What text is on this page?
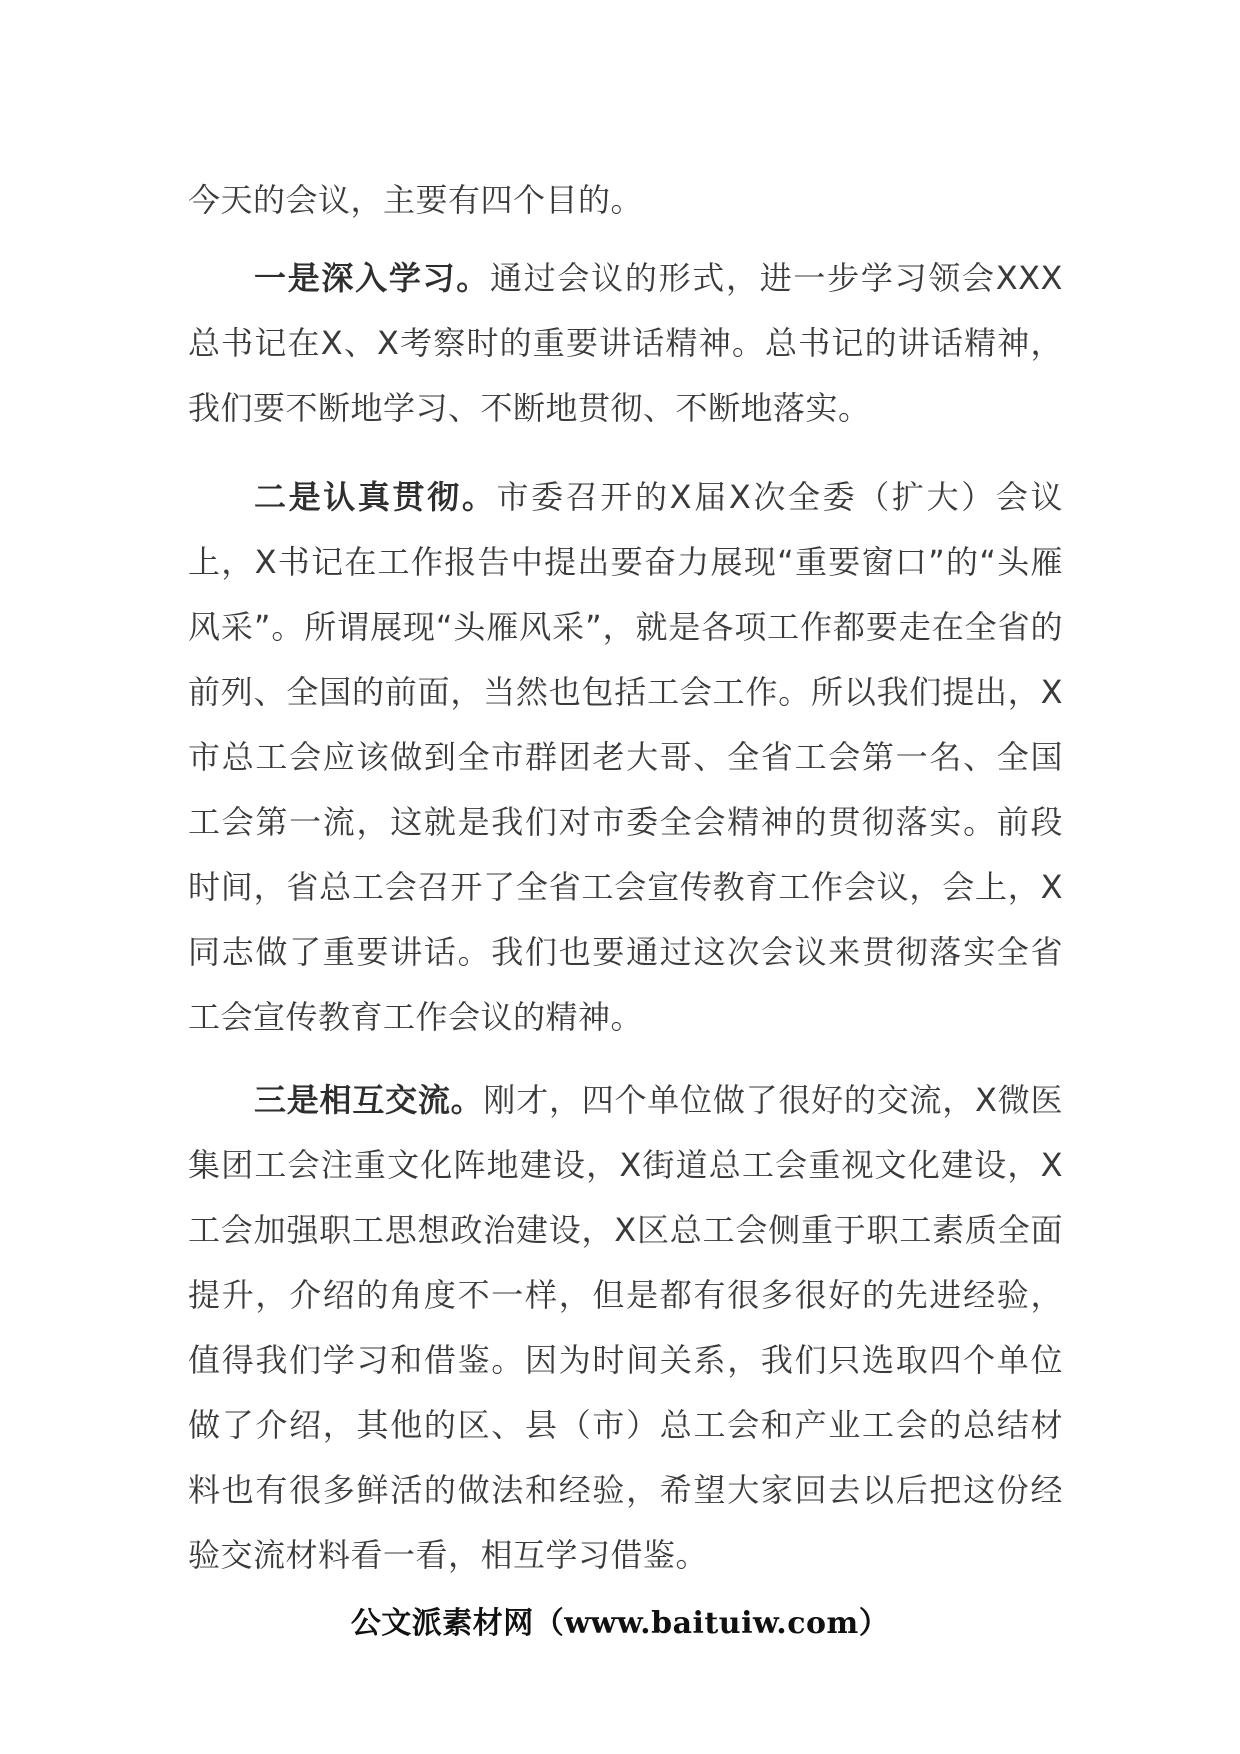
今天的会议，主要有四个目的。

一是深入学习。通过会议的形式，进一步学习领会XXX总书记在X、X考察时的重要讲话精神。总书记的讲话精神，我们要不断地学习、不断地贯彻、不断地落实。

二是认真贯彻。市委召开的X届X次全委（扩大）会议上，X书记在工作报告中提出要奋力展现“重要窗口”的“头雁风采”。所谓展现“头雁风采”，就是各项工作都要走在全省的前列、全国的前面，当然也包括工会工作。所以我们提出，X市总工会应该做到全市群团老大哥、全省工会第一名、全国工会第一流，这就是我们对市委全会精神的贯彻落实。前段时间，省总工会召开了全省工会宣传教育工作会议，会上，X同志做了重要讲话。我们也要通过这次会议来贯彻落实全省工会宣传教育工作会议的精神。

三是相互交流。刚才，四个单位做了很好的交流，X微医集团工会注重文化阵地建设，X街道总工会重视文化建设，X工会加强职工思想政治建设，X区总工会侧重于职工素质全面提升，介绍的角度不一样，但是都有很多很好的先进经验，值得我们学习和借鉴。因为时间关系，我们只选取四个单位做了介绍，其他的区、县（市）总工会和产业工会的总结材料也有很多鲜活的做法和经验，希望大家回去以后把这份经验交流材料看一看，相互学习借鉴。

公文派素材网（www.baituiw.com）
